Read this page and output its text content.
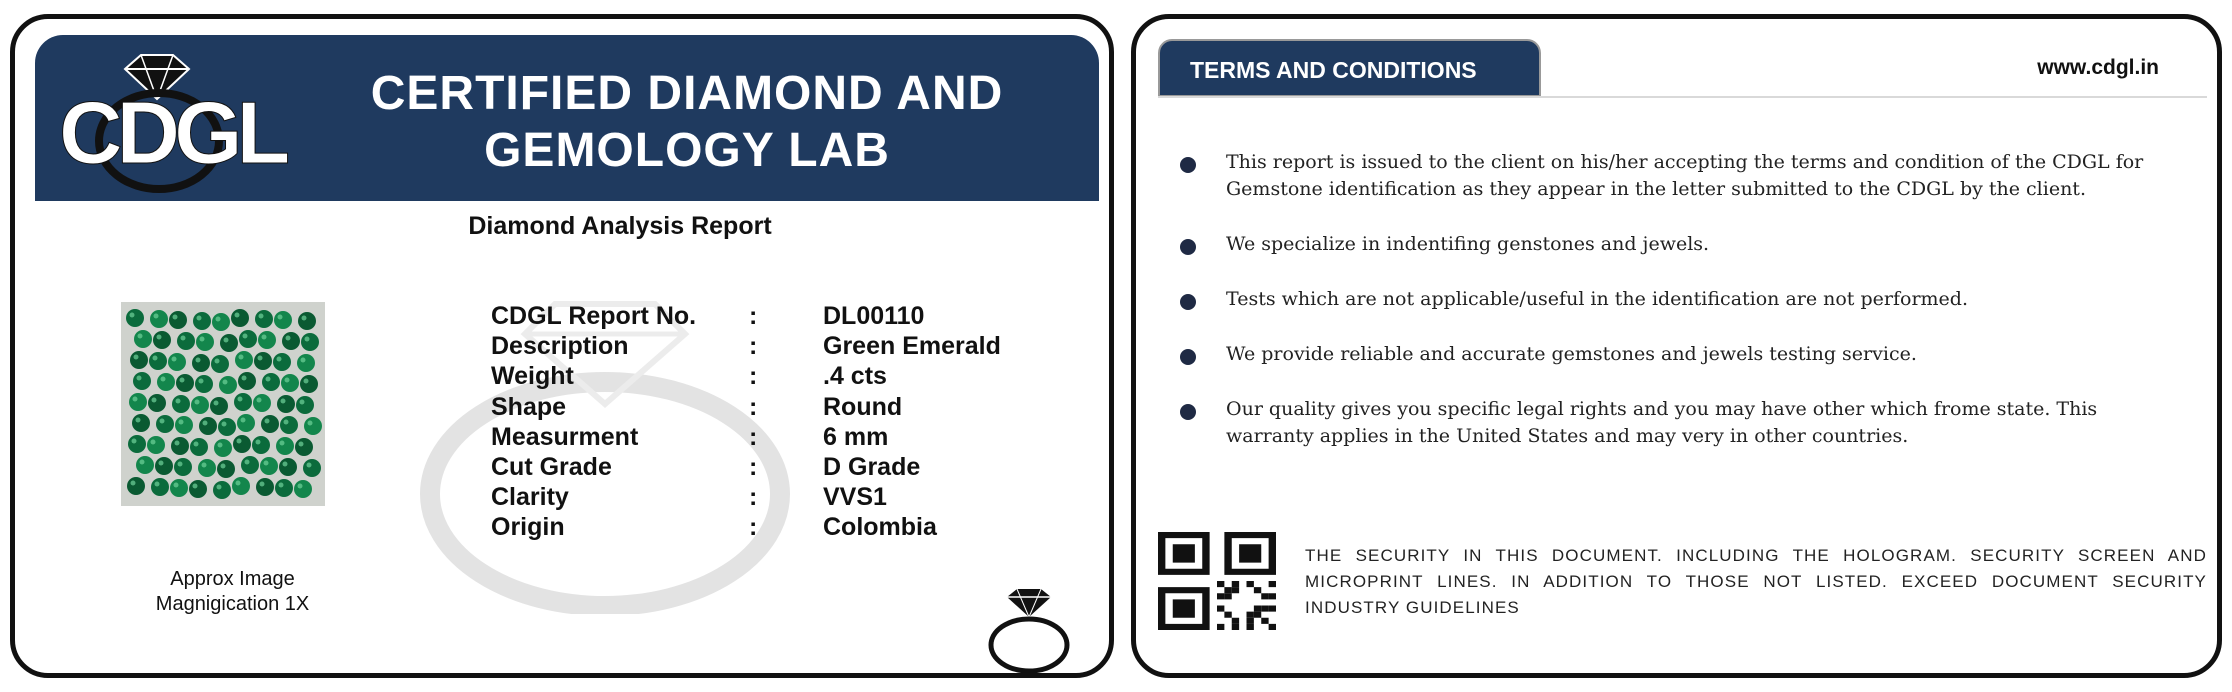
CDGL	CERTIFIED DIAMOND AND
GEMOLOGY LAB
Diamond Analysis Report
Approx Image
Magnigication 1X
CDGL Report No. :	DL00110
Description	:	Green Emerald
Weight	:	.4 cts
Shape	:	Round
Measurment	:	6 mm
Cut Grade	:	D Grade
Clarity	:	VVS1
Origin	:	Colombia
TERMS AND CONDITIONS	www.cdgl.in
This report is issued to the client on his/her accepting the terms and condition of the CDGL for Gemstone identification as they appear in the letter submitted to the CDGL by the client.
We specialize in indentifing genstones and jewels.
Tests which are not applicable/useful in the identification are not performed.
We provide reliable and accurate gemstones and jewels testing service.
Our quality gives you specific legal rights and you may have other which frome state. This warranty applies in the United States and may very in other countries.
THE SECURITY IN THIS DOCUMENT. INCLUDING THE HOLOGRAM. SECURITY SCREEN AND MICROPRINT LINES. IN ADDITION TO THOSE NOT LISTED. EXCEED DOCUMENT SECURITY INDUSTRY GUIDELINES
